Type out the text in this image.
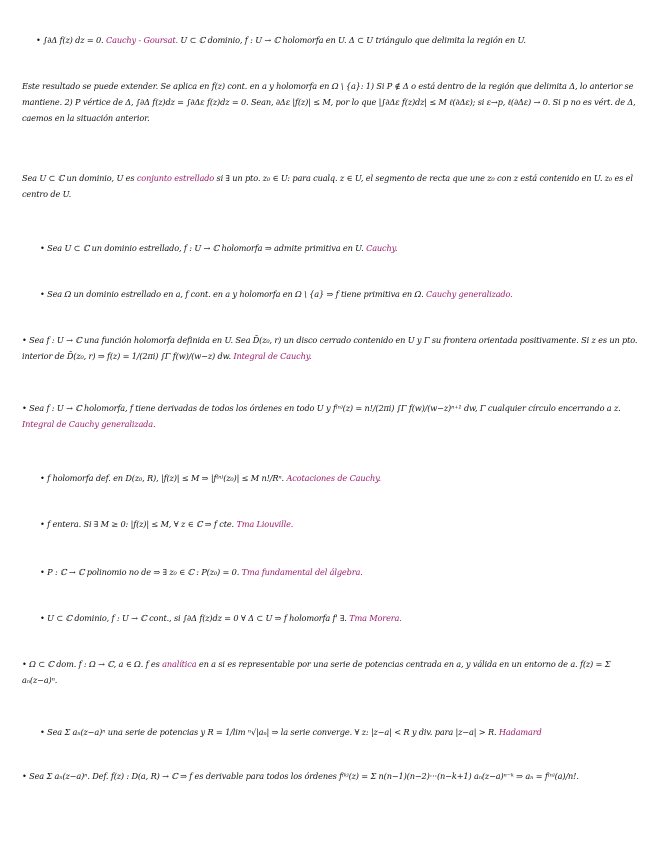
• ∫∂Δ f(z) dz = 0. Cauchy - Goursat. U ⊂ ℂ dominio, f : U → ℂ holomorfa en U. Δ ⊂ U triángulo que delimita la región en U.
Este resultado se puede extender. Se aplica en f(z) cont. en a y holomorfa en Ω \ {a}: 1) Si P ∉ Δ o está dentro de la región que delimita Δ, lo anterior se mantiene. 2) P vértice de Δ, ∫∂Δ f(z)dz = ∫∂Δε f(z)dz = 0. Sean, ∂Δε |f(z)| ≤ M, por lo que |∫∂Δε f(z)dz| ≤ M ℓ(∂Δε); si ε→p, ℓ(∂Δε) → 0. Si p no es vért. de Δ, caemos en la situación anterior.
Sea U ⊂ ℂ un dominio, U es conjunto estrellado si ∃ un pto. z₀ ∈ U: para cualq. z ∈ U, el segmento de recta que une z₀ con z está contenido en U. z₀ es el centro de U.
• Sea U ⊂ ℂ un dominio estrellado, f : U → ℂ holomorfa ⇒ admite primitiva en U. Cauchy.
• Sea Ω un dominio estrellado en a, f cont. en a y holomorfa en Ω \ {a} ⇒ f tiene primitiva en Ω. Cauchy generalizado.
• Sea f : U → ℂ una función holomorfa definida en U. Sea D̄(z₀, r) un disco cerrado contenido en U y Γ su frontera orientada positivamente. Si z es un pto. interior de D̄(z₀, r) ⇒ f(z) = 1/(2πi) ∫Γ f(w)/(w−z) dw. Integral de Cauchy.
• Sea f : U → ℂ holomorfa, f tiene derivadas de todos los órdenes en todo U y f⁽ⁿ⁾(z) = n!/(2πi) ∫Γ f(w)/(w−z)ⁿ⁺¹ dw, Γ cualquier círculo encerrando a z. Integral de Cauchy generalizada.
• f holomorfa def. en D(z₀, R), |f(z)| ≤ M ⇒ |f⁽ⁿ⁾(z₀)| ≤ M n!/Rⁿ. Acotaciones de Cauchy.
• f entera. Si ∃ M ≥ 0: |f(z)| ≤ M, ∀ z ∈ ℂ ⇒ f cte. Tma Liouville.
• P : ℂ → ℂ polinomio no de ⇒ ∃ z₀ ∈ ℂ : P(z₀) = 0. Tma fundamental del álgebra.
• U ⊂ ℂ dominio, f : U → ℂ cont., si ∫∂Δ f(z)dz = 0 ∀ Δ ⊂ U ⇒ f holomorfa f' ∃. Tma Morera.
• Ω ⊂ ℂ dom. f : Ω → ℂ, a ∈ Ω. f es analítica en a si es representable por una serie de potencias centrada en a, y válida en un entorno de a. f(z) = Σ aₙ(z−a)ⁿ.
• Sea Σ aₙ(z−a)ⁿ una serie de potencias y R = 1/lim ⁿ√|aₙ| ⇒ la serie converge. ∀ z: |z−a| < R y div. para |z−a| > R. Hadamard
• Sea Σ aₙ(z−a)ⁿ. Def. f(z) : D(a, R) → ℂ ⇒ f es derivable para todos los órdenes f⁽ᵏ⁾(z) = Σ n(n−1)(n−2)···(n−k+1) aₙ(z−a)ⁿ⁻ᵏ ⇒ aₙ = f⁽ⁿ⁾(a)/n!.
